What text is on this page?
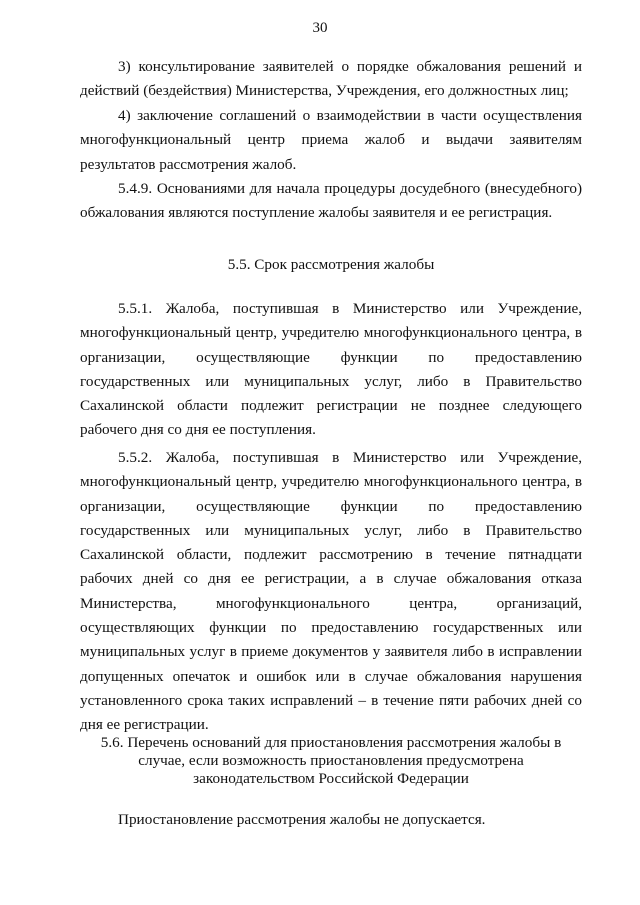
30

3) консультирование заявителей о порядке обжалования решений и действий (бездействия) Министерства, Учреждения, его должностных лиц;

4) заключение соглашений о взаимодействии в части осуществления многофункциональный центр приема жалоб и выдачи заявителям результатов рассмотрения жалоб.

5.4.9. Основаниями для начала процедуры досудебного (внесудебного) обжалования являются поступление жалобы заявителя и ее регистрация.

5.5. Срок рассмотрения жалобы

5.5.1. Жалоба, поступившая в Министерство или Учреждение, многофункциональный центр, учредителю многофункционального центра, в организации, осуществляющие функции по предоставлению государственных или муниципальных услуг, либо в Правительство Сахалинской области подлежит регистрации не позднее следующего рабочего дня со дня ее поступления.

5.5.2. Жалоба, поступившая в Министерство или Учреждение, многофункциональный центр, учредителю многофункционального центра, в организации, осуществляющие функции по предоставлению государственных или муниципальных услуг, либо в Правительство Сахалинской области, подлежит рассмотрению в течение пятнадцати рабочих дней со дня ее регистрации, а в случае обжалования отказа Министерства, многофункционального центра, организаций, осуществляющих функции по предоставлению государственных или муниципальных услуг в приеме документов у заявителя либо в исправлении допущенных опечаток и ошибок или в случае обжалования нарушения установленного срока таких исправлений – в течение пяти рабочих дней со дня ее регистрации.

5.6. Перечень оснований для приостановления рассмотрения жалобы в
случае, если возможность приостановления предусмотрена
законодательством Российской Федерации

Приостановление рассмотрения жалобы не допускается.
